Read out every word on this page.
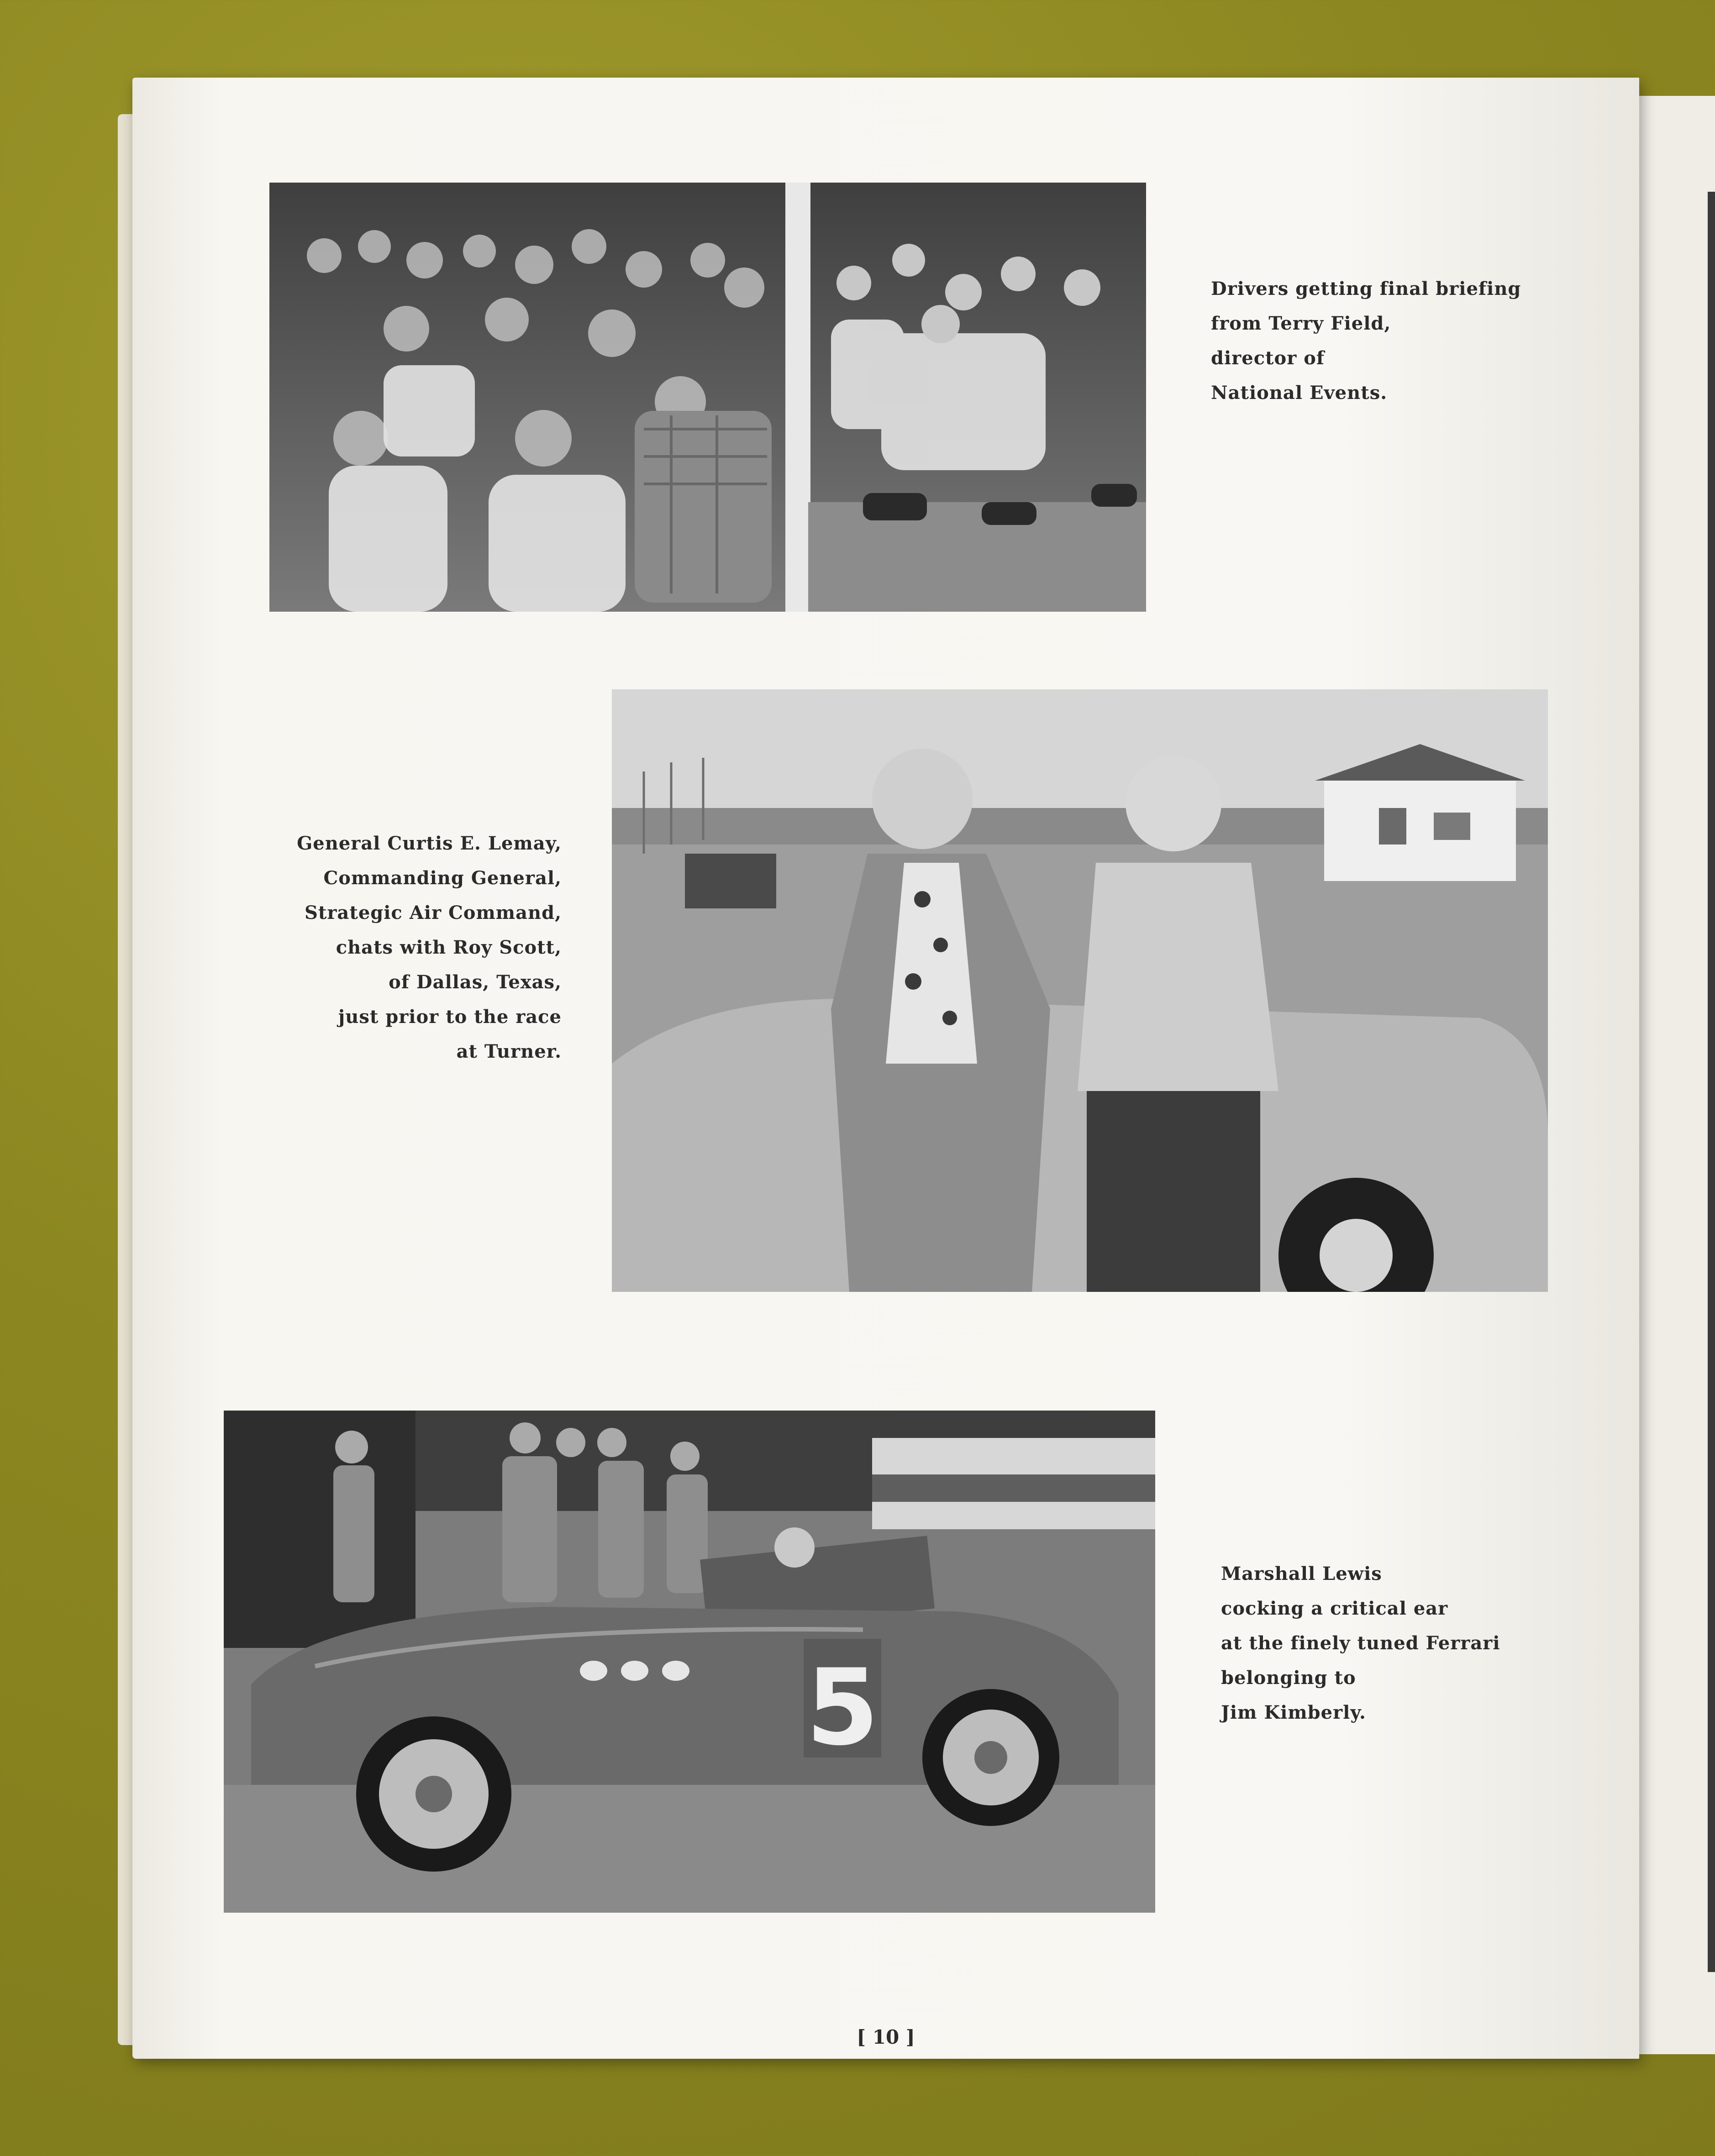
Drivers getting final briefing
from Terry Field,
director of
National Events.
General Curtis E. Lemay,
Commanding General,
Strategic Air Command,
chats with Roy Scott,
of Dallas, Texas,
just prior to the race
at Turner.
5
Marshall Lewis
cocking a critical ear
at the finely tuned Ferrari
belonging to
Jim Kimberly.
[ 10 ]
